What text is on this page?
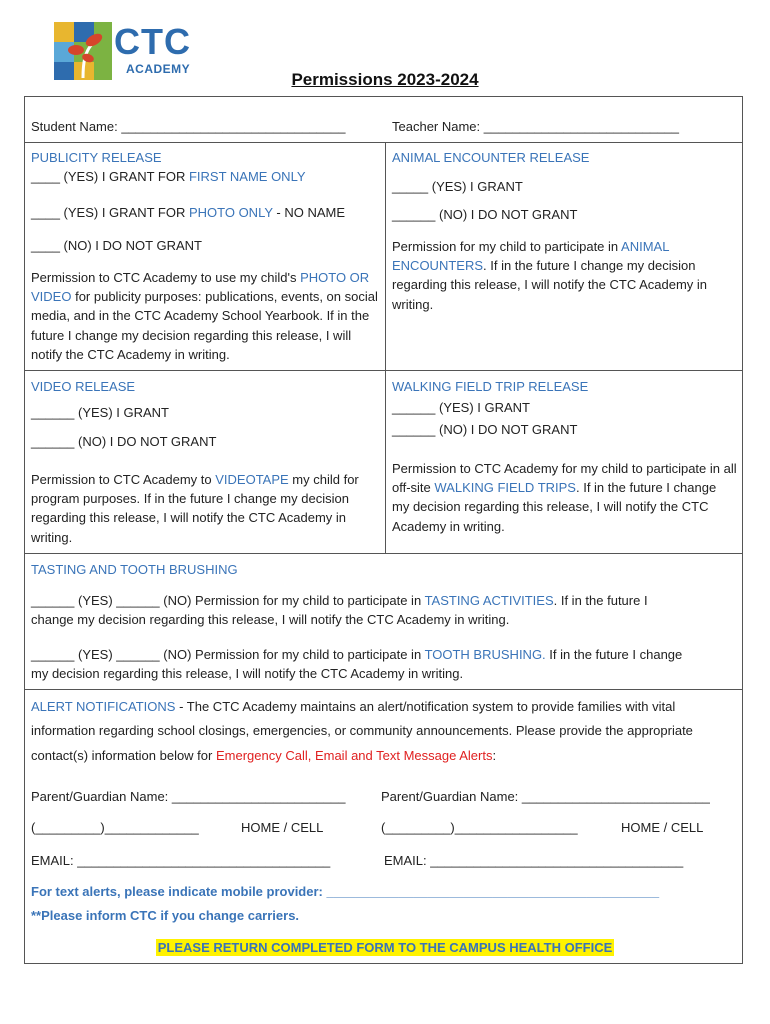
CTC
ACADEMY
Permissions 2023-2024
Student Name: _______________________________	Teacher Name: ___________________________
PUBLICITY RELEASE
____ (YES) I GRANT FOR FIRST NAME ONLY
____ (YES) I GRANT FOR PHOTO ONLY - NO NAME
____ (NO) I DO NOT GRANT
Permission to CTC Academy to use my child's PHOTO OR VIDEO for publicity purposes: publications, events, on social media, and in the CTC Academy School Yearbook. If in the future I change my decision regarding this release, I will notify the CTC Academy in writing.
ANIMAL ENCOUNTER RELEASE
_____ (YES) I GRANT
______ (NO) I DO NOT GRANT
Permission for my child to participate in ANIMAL ENCOUNTERS. If in the future I change my decision regarding this release, I will notify the CTC Academy in writing.
VIDEO RELEASE
______ (YES) I GRANT
______ (NO) I DO NOT GRANT
Permission to CTC Academy to VIDEOTAPE my child for program purposes. If in the future I change my decision regarding this release, I will notify the CTC Academy in writing.
WALKING FIELD TRIP RELEASE
______ (YES) I GRANT
______ (NO) I DO NOT GRANT
Permission to CTC Academy for my child to participate in all off-site WALKING FIELD TRIPS. If in the future I change my decision regarding this release, I will notify the CTC Academy in writing.
TASTING AND TOOTH BRUSHING
______ (YES) ______ (NO) Permission for my child to participate in TASTING ACTIVITIES. If in the future I
change my decision regarding this release, I will notify the CTC Academy in writing.
______ (YES) ______ (NO) Permission for my child to participate in TOOTH BRUSHING. If in the future I change
my decision regarding this release, I will notify the CTC Academy in writing.
ALERT NOTIFICATIONS - The CTC Academy maintains an alert/notification system to provide families with vital
information regarding school closings, emergencies, or community announcements. Please provide the appropriate
contact(s) information below for Emergency Call, Email and Text Message Alerts:
Parent/Guardian Name: ________________________	Parent/Guardian Name: __________________________
(_________)_____________	HOME / CELL	(_________)_________________	HOME / CELL
EMAIL: ___________________________________	EMAIL: ___________________________________
For text alerts, please indicate mobile provider: ______________________________________________
**Please inform CTC if you change carriers.
PLEASE RETURN COMPLETED FORM TO THE CAMPUS HEALTH OFFICE
